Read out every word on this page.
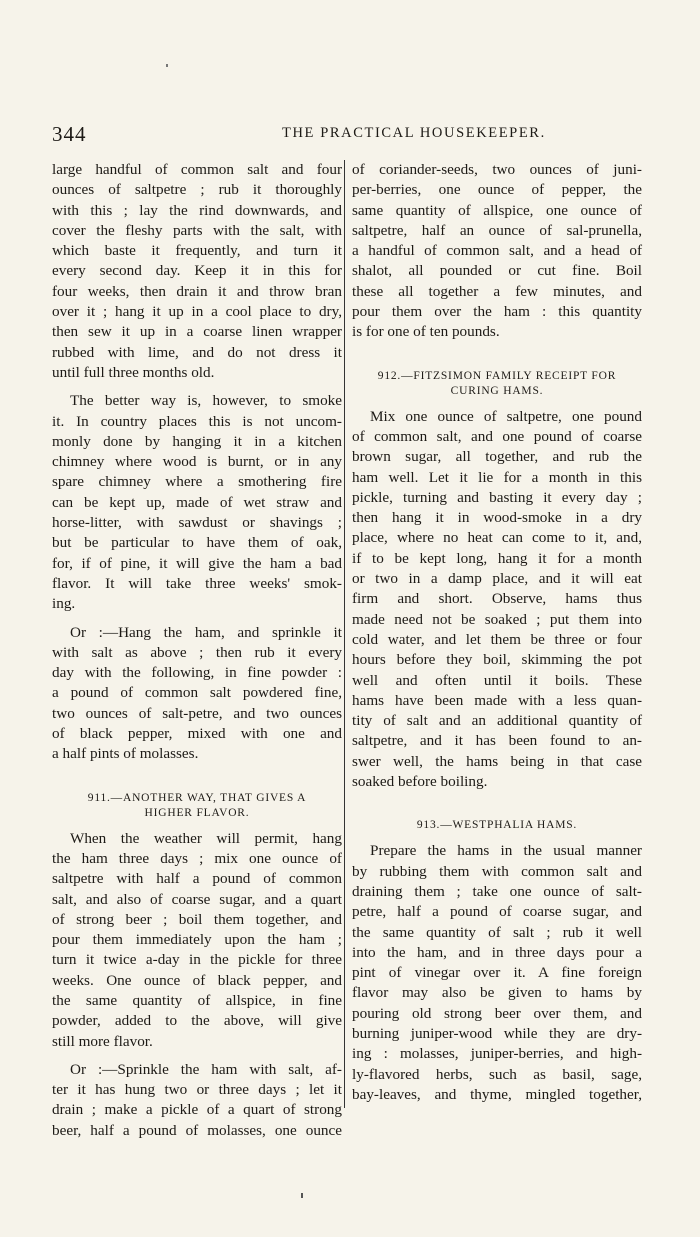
344	THE PRACTICAL HOUSEKEEPER.
large handful of common salt and four
ounces of saltpetre ; rub it thoroughly
with this ; lay the rind downwards, and
cover the fleshy parts with the salt, with
which baste it frequently, and turn it
every second day. Keep it in this for
four weeks, then drain it and throw bran
over it ; hang it up in a cool place to dry,
then sew it up in a coarse linen wrapper
rubbed with lime, and do not dress it
until full three months old.
The better way is, however, to smoke
it. In country places this is not uncom-
monly done by hanging it in a kitchen
chimney where wood is burnt, or in any
spare chimney where a smothering fire
can be kept up, made of wet straw and
horse-litter, with sawdust or shavings ;
but be particular to have them of oak,
for, if of pine, it will give the ham a bad
flavor. It will take three weeks' smok-
ing.
Or :—Hang the ham, and sprinkle it
with salt as above ; then rub it every
day with the following, in fine powder :
a pound of common salt powdered fine,
two ounces of salt-petre, and two ounces
of black pepper, mixed with one and
a half pints of molasses.
911.—ANOTHER WAY, THAT GIVES A
HIGHER FLAVOR.
When the weather will permit, hang
the ham three days ; mix one ounce of
saltpetre with half a pound of common
salt, and also of coarse sugar, and a quart
of strong beer ; boil them together, and
pour them immediately upon the ham ;
turn it twice a-day in the pickle for three
weeks. One ounce of black pepper, and
the same quantity of allspice, in fine
powder, added to the above, will give
still more flavor.
Or :—Sprinkle the ham with salt, af-
ter it has hung two or three days ; let it
drain ; make a pickle of a quart of strong
beer, half a pound of molasses, one ounce
of coriander-seeds, two ounces of juni-
per-berries, one ounce of pepper, the
same quantity of allspice, one ounce of
saltpetre, half an ounce of sal-prunella,
a handful of common salt, and a head of
shalot, all pounded or cut fine. Boil
these all together a few minutes, and
pour them over the ham : this quantity
is for one of ten pounds.
912.—FITZSIMON FAMILY RECEIPT FOR
CURING HAMS.
Mix one ounce of saltpetre, one pound
of common salt, and one pound of coarse
brown sugar, all together, and rub the
ham well. Let it lie for a month in this
pickle, turning and basting it every day ;
then hang it in wood-smoke in a dry
place, where no heat can come to it, and,
if to be kept long, hang it for a month
or two in a damp place, and it will eat
firm and short. Observe, hams thus
made need not be soaked ; put them into
cold water, and let them be three or four
hours before they boil, skimming the pot
well and often until it boils. These
hams have been made with a less quan-
tity of salt and an additional quantity of
saltpetre, and it has been found to an-
swer well, the hams being in that case
soaked before boiling.
913.—WESTPHALIA HAMS.
Prepare the hams in the usual manner
by rubbing them with common salt and
draining them ; take one ounce of salt-
petre, half a pound of coarse sugar, and
the same quantity of salt ; rub it well
into the ham, and in three days pour a
pint of vinegar over it. A fine foreign
flavor may also be given to hams by
pouring old strong beer over them, and
burning juniper-wood while they are dry-
ing : molasses, juniper-berries, and high-
ly-flavored herbs, such as basil, sage,
bay-leaves, and thyme, mingled together,
